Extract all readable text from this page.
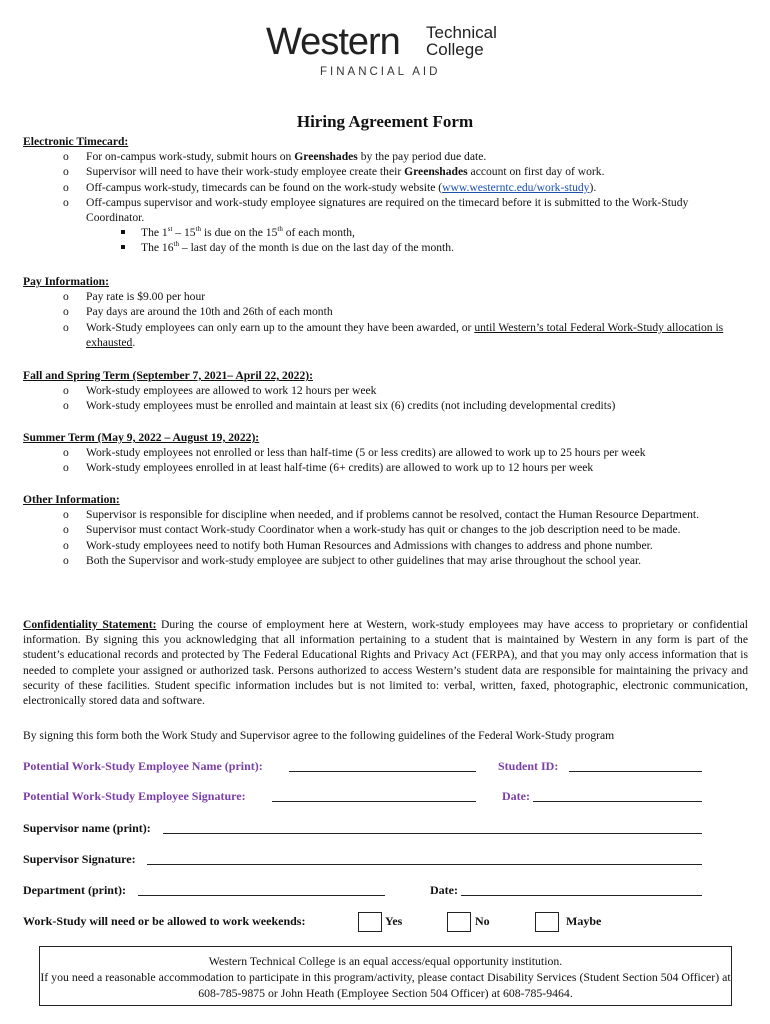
Western Technical
College
FINANCIAL AID
Hiring Agreement Form
Electronic Timecard:
o For on-campus work-study, submit hours on Greenshades by the pay period due date.
o Supervisor will need to have their work-study employee create their Greenshades account on first day of work.
o Off-campus work-study, timecards can be found on the work-study website (www.westerntc.edu/work-study).
o Off-campus supervisor and work-study employee signatures are required on the timecard before it is submitted to the Work-Study Coordinator.
The 1st – 15th is due on the 15th of each month,
The 16th – last day of the month is due on the last day of the month.
Pay Information:
o Pay rate is $9.00 per hour
o Pay days are around the 10th and 26th of each month
o Work-Study employees can only earn up to the amount they have been awarded, or until Western’s total Federal Work-Study allocation is exhausted.
Fall and Spring Term (September 7, 2021– April 22, 2022):
o Work-study employees are allowed to work 12 hours per week
o Work-study employees must be enrolled and maintain at least six (6) credits (not including developmental credits)
Summer Term (May 9, 2022 – August 19, 2022):
o Work-study employees not enrolled or less than half-time (5 or less credits) are allowed to work up to 25 hours per week
o Work-study employees enrolled in at least half-time (6+ credits) are allowed to work up to 12 hours per week
Other Information:
o Supervisor is responsible for discipline when needed, and if problems cannot be resolved, contact the Human Resource Department.
o Supervisor must contact Work-study Coordinator when a work-study has quit or changes to the job description need to be made.
o Work-study employees need to notify both Human Resources and Admissions with changes to address and phone number.
o Both the Supervisor and work-study employee are subject to other guidelines that may arise throughout the school year.
Confidentiality Statement: During the course of employment here at Western, work-study employees may have access to proprietary or confidential information. By signing this you acknowledging that all information pertaining to a student that is maintained by Western in any form is part of the student’s educational records and protected by The Federal Educational Rights and Privacy Act (FERPA), and that you may only access information that is needed to complete your assigned or authorized task. Persons authorized to access Western’s student data are responsible for maintaining the privacy and security of these facilities. Student specific information includes but is not limited to: verbal, written, faxed, photographic, electronic communication, electronically stored data and software.
By signing this form both the Work Study and Supervisor agree to the following guidelines of the Federal Work-Study program
Potential Work-Study Employee Name (print):	Student ID:
Potential Work-Study Employee Signature:	Date:
Supervisor name (print):
Supervisor Signature:
Department (print):	Date:
Work-Study will need or be allowed to work weekends:	Yes	No	Maybe
Western Technical College is an equal access/equal opportunity institution.
If you need a reasonable accommodation to participate in this program/activity, please contact Disability Services (Student Section 504 Officer) at 608-785-9875 or John Heath (Employee Section 504 Officer) at 608-785-9464.
